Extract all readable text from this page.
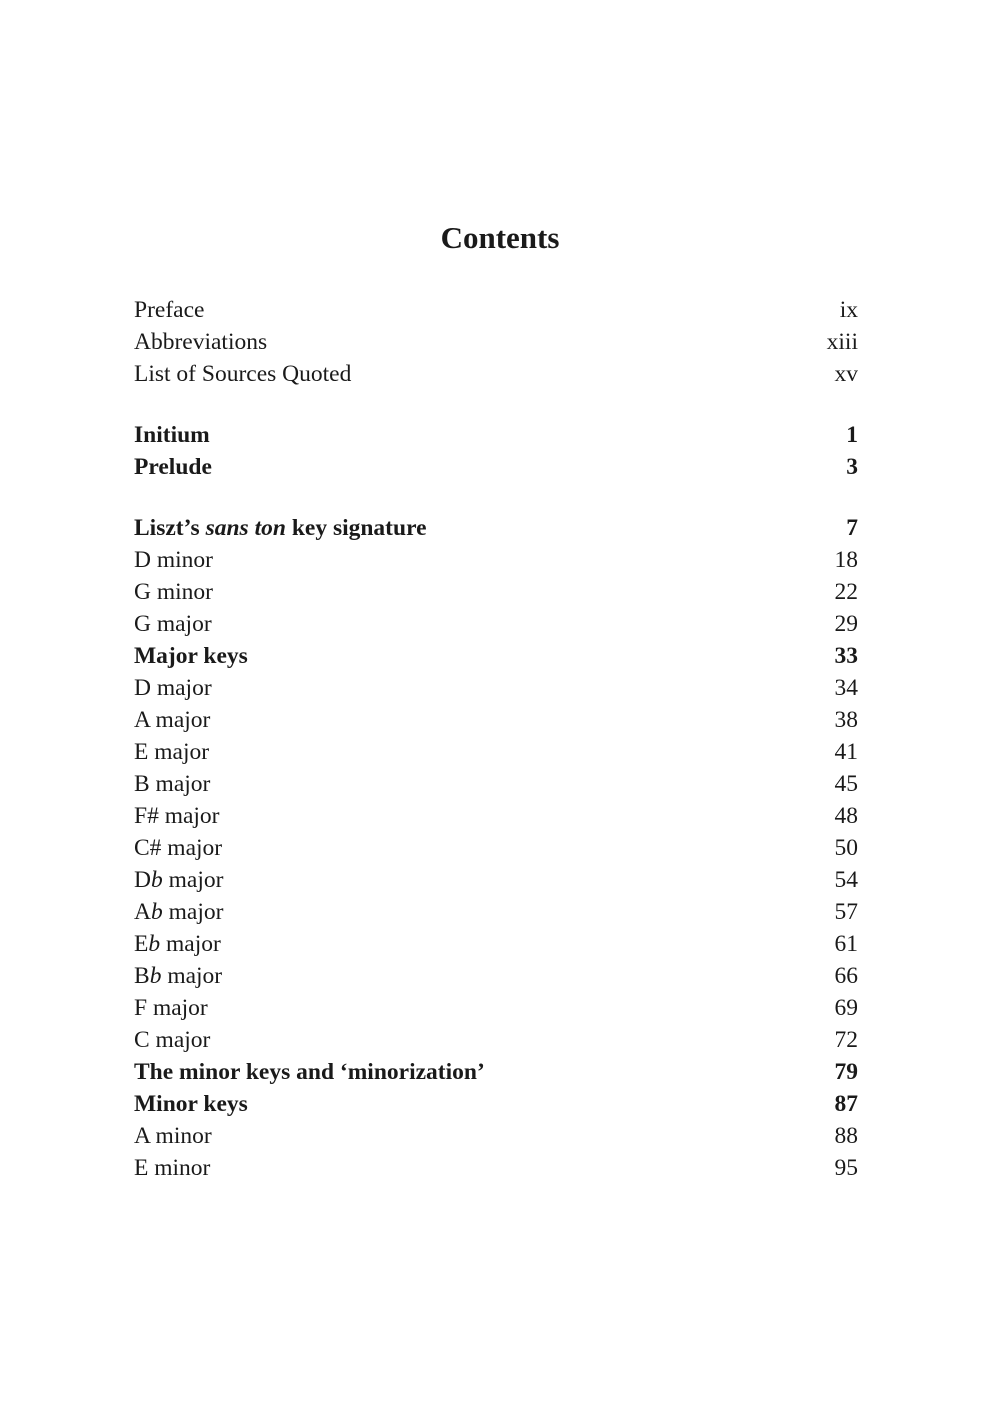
Contents
Preface	ix
Abbreviations	xiii
List of Sources Quoted	xv
Initium	1
Prelude	3
Liszt’s sans ton key signature	7
D minor	18
G minor	22
G major	29
Major keys	33
D major	34
A major	38
E major	41
B major	45
F# major	48
C# major	50
Db major	54
Ab major	57
Eb major	61
Bb major	66
F major	69
C major	72
The minor keys and ‘minorization’	79
Minor keys	87
A minor	88
E minor	95
